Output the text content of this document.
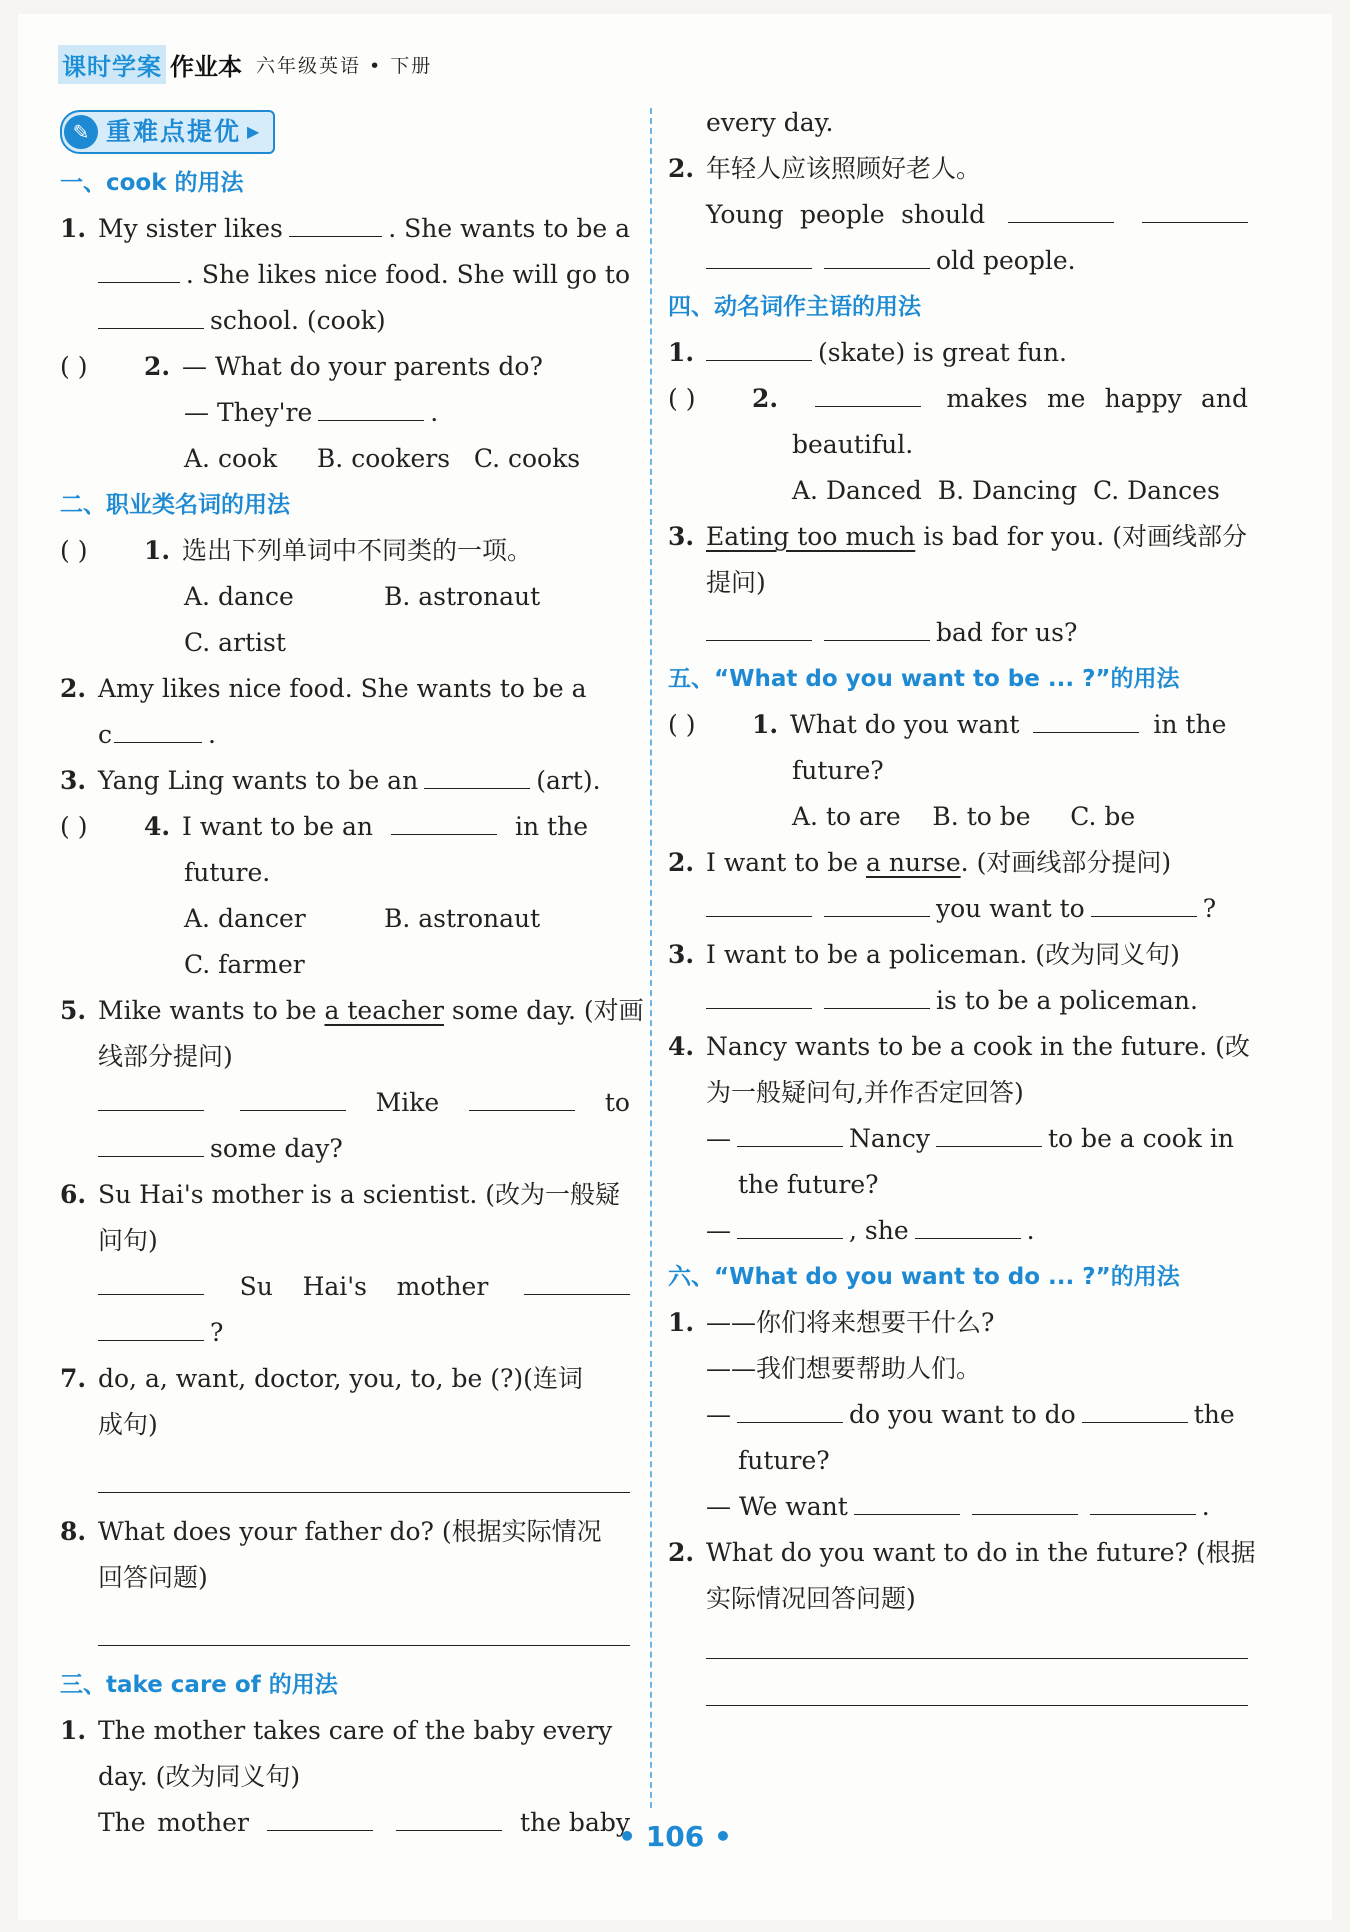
课时学案 作业本 六年级英语 • 下册
✎ 重难点提优 ▶
一、cook 的用法
1. My sister likes	. She wants to be a
. She likes nice food. She will go to
school. (cook)
( )	2. — What do your parents do?
— They're	.
A. cook     B. cookers   C. cooks
二、职业类名词的用法
( )	1. 选出下列单词中不同类的一项。
A. dance	B. astronaut
C. artist
2. Amy likes nice food. She wants to be a
c	.
3. Yang Ling wants to be an	(art).
( )	4. I want to be an	in the
future.
A. dancer	B. astronaut
C. farmer
5. Mike wants to be
a teacher
some day. (对画
线部分提问)
Mike	to
some day?
6. Su Hai's mother is a scientist. (改为一般疑
问句)
Su Hai's mother
?
7. do, a, want, doctor, you, to, be (?)(连词
成句)
8. What does your father do? (根据实际情况
回答问题)
三、take care of 的用法
1. The mother takes care of the baby every
day. (改为同义句)
The mother	the baby
every day.
2. 年轻人应该照顾好老人。
Young people should
old people.
四、动名词作主语的用法
1.	(skate) is great fun.
( ) 2.	makes me happy and
beautiful.
A. Danced  B. Dancing  C. Dances
3. Eating too much
is bad for you. (对画线部分
提问)
bad for us?
五、“What do you want to be ... ?”的用法
( )	1. What do you want	in the
future?
A. to are    B. to be     C. be
2. I want to be
a nurse . (对画线部分提问)
you want to	?
3. I want to be a policeman. (改为同义句)
is to be a policeman.
4. Nancy wants to be a cook in the future. (改
为一般疑问句,并作否定回答)
—	Nancy	to be a cook in
the future?
—	, she	.
六、“What do you want to do ... ?”的用法
1. ——你们将来想要干什么?
——我们想要帮助人们。
—	do you want to do	the
future?
— We want	.
2. What do you want to do in the future? (根据
实际情况回答问题)
• 106 •
